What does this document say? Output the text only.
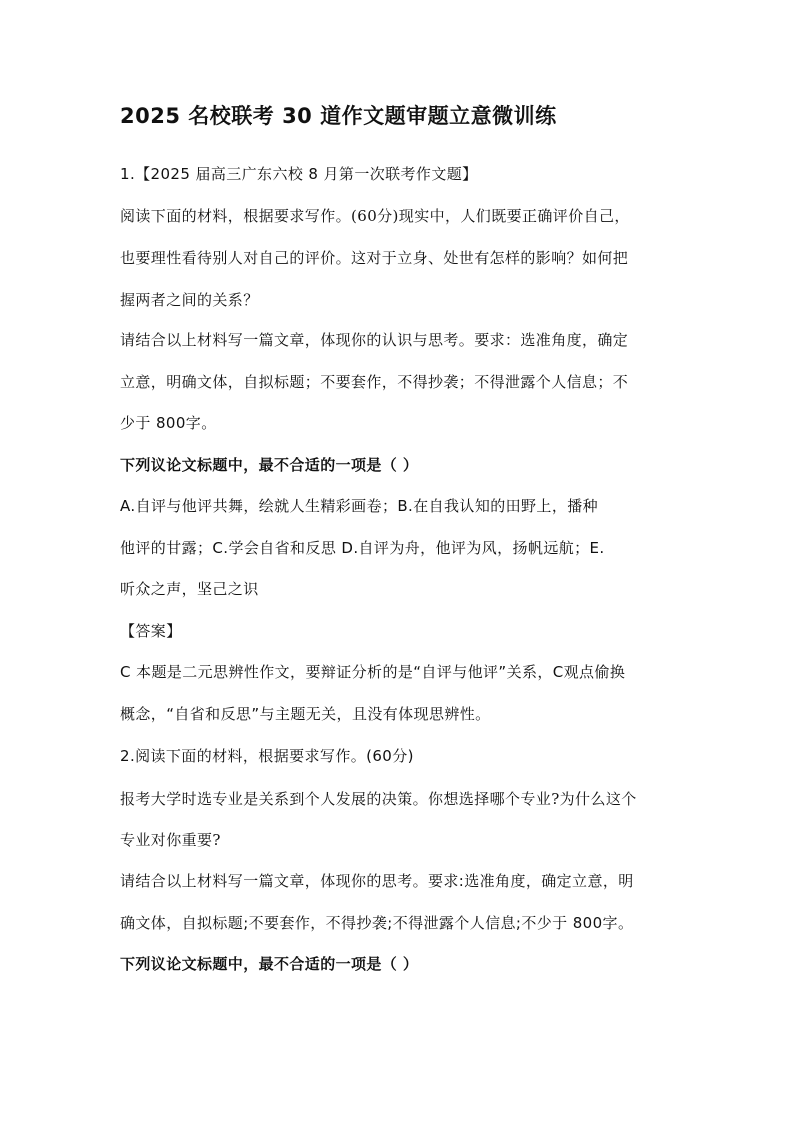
2025 名校联考 30 道作文题审题立意微训练
1.【2025 届高三广东六校 8 月第一次联考作文题】
阅读下面的材料，根据要求写作。(60分)现实中，人们既要正确评价自己，
也要理性看待别人对自己的评价。这对于立身、处世有怎样的影响？如何把
握两者之间的关系？
请结合以上材料写一篇文章，体现你的认识与思考。要求：选准角度，确定
立意，明确文体，自拟标题；不要套作，不得抄袭；不得泄露个人信息；不
少于 800字。
下列议论文标题中，最不合适的一项是（ ）
A.自评与他评共舞，绘就人生精彩画卷；B.在自我认知的田野上，播种
他评的甘露；C.学会自省和反思 D.自评为舟，他评为风，扬帆远航；E.
听众之声，坚己之识
【答案】
C 本题是二元思辨性作文，要辩证分析的是“自评与他评”关系，C观点偷换
概念，“自省和反思”与主题无关，且没有体现思辨性。
2.阅读下面的材料，根据要求写作。(60分)
报考大学时选专业是关系到个人发展的决策。你想选择哪个专业?为什么这个
专业对你重要?
请结合以上材料写一篇文章，体现你的思考。要求:选准角度，确定立意，明
确文体，自拟标题;不要套作，不得抄袭;不得泄露个人信息;不少于 800字。
下列议论文标题中，最不合适的一项是（ ）
